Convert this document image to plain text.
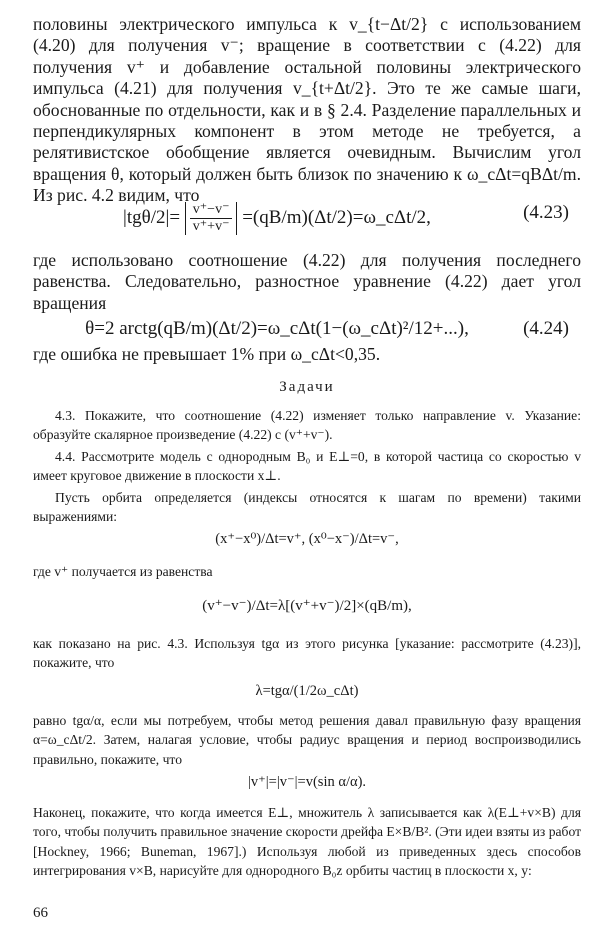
половины электрического импульса к v_{t−Δt/2} с использованием (4.20) для получения v⁻; вращение в соответствии с (4.22) для получения v⁺ и добавление остальной половины электрического импульса (4.21) для получения v_{t+Δt/2}. Это те же самые шаги, обоснованные по отдельности, как и в § 2.4. Разделение параллельных и перпендикулярных компонент в этом методе не требуется, а релятивистское обобщение является очевидным. Вычислим угол вращения θ, который должен быть близок по значению к ω_cΔt=qBΔt/m. Из рис. 4.2 видим, что

$|tg\theta/2|= \frac{v^+-v^-}{v^++v^-}$ =(qB/m)(Δt/2)=ω_cΔt/2,	(4.23)

где использовано соотношение (4.22) для получения последнего равенства. Следовательно, разностное уравнение (4.22) дает угол вращения

θ=2 arctg(qB/m)(Δt/2)=ω_cΔt(1−(ω_cΔt)²/12+...),	(4.24)

где ошибка не превышает 1% при ω_cΔt<0,35.

Задачи

4.3. Покажите, что соотношение (4.22) изменяет только направление v. Указание: образуйте скалярное произведение (4.22) с (v⁺+v⁻).

4.4. Рассмотрите модель с однородным B₀ и E⊥=0, в которой частица со скоростью v имеет круговое движение в плоскости x⊥.

Пусть орбита определяется (индексы относятся к шагам по времени) такими выражениями:

(x⁺−x⁰)/Δt=v⁺, (x⁰−x⁻)/Δt=v⁻,

где v⁺ получается из равенства

(v⁺−v⁻)/Δt=λ[(v⁺+v⁻)/2]×(qB/m),

как показано на рис. 4.3. Используя tgα из этого рисунка [указание: рассмотрите (4.23)], покажите, что

λ=tgα/(1/2ω_cΔt)

равно tgα/α, если мы потребуем, чтобы метод решения давал правильную фазу вращения α=ω_cΔt/2. Затем, налагая условие, чтобы радиус вращения и период воспроизводились правильно, покажите, что

|v⁺|=|v⁻|=v(sin α/α).

Наконец, покажите, что когда имеется E⊥, множитель λ записывается как λ(E⊥+v×B) для того, чтобы получить правильное значение скорости дрейфа E×B/B². (Эти идеи взяты из работ [Hockney, 1966; Buneman, 1967].) Используя любой из приведенных здесь способов интегрирования v×B, нарисуйте для однородного B₀z орбиты частиц в плоскости x, y:

66
